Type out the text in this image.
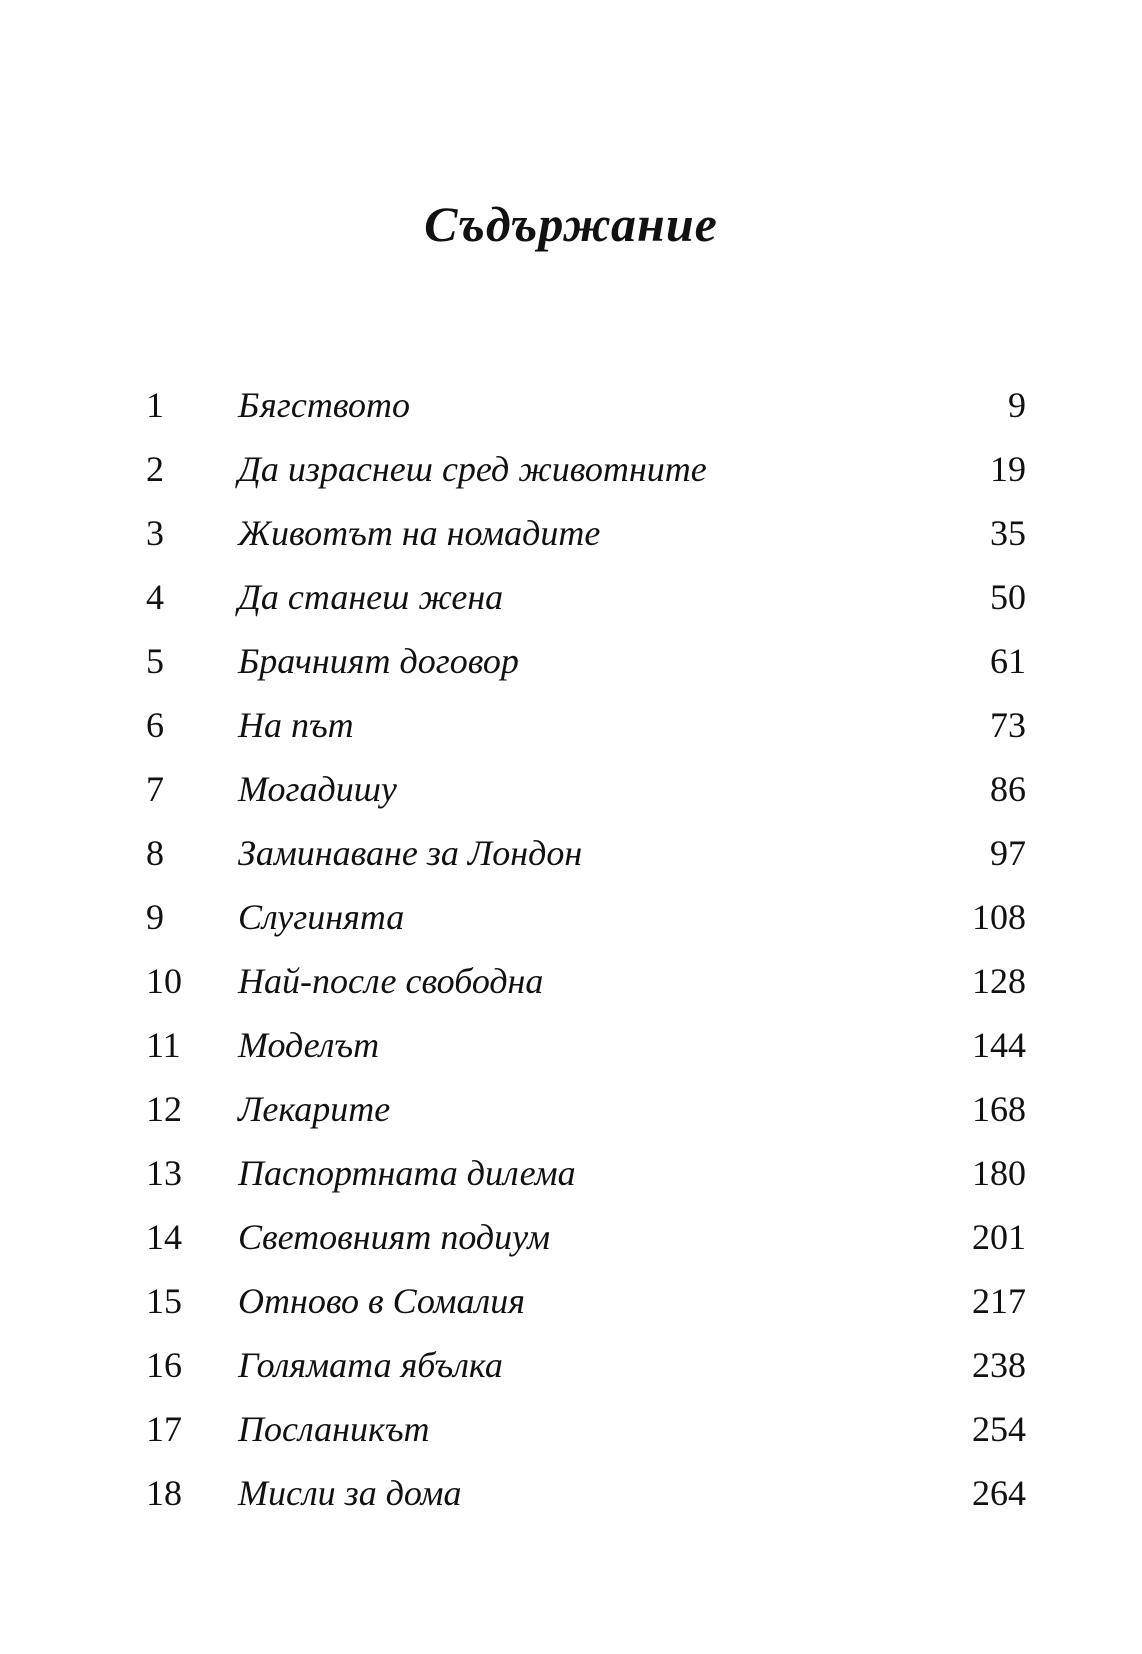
Съдържание
1	Бягството	9
2	Да израснеш сред животните	19
3	Животът на номадите	35
4	Да станеш жена	50
5	Брачният договор	61
6	На път	73
7	Могадишу	86
8	Заминаване за Лондон	97
9	Слугинята	108
10	Най-после свободна	128
11	Моделът	144
12	Лекарите	168
13	Паспортната дилема	180
14	Световният подиум	201
15	Отново в Сомалия	217
16	Голямата ябълка	238
17	Посланикът	254
18	Мисли за дома	264
